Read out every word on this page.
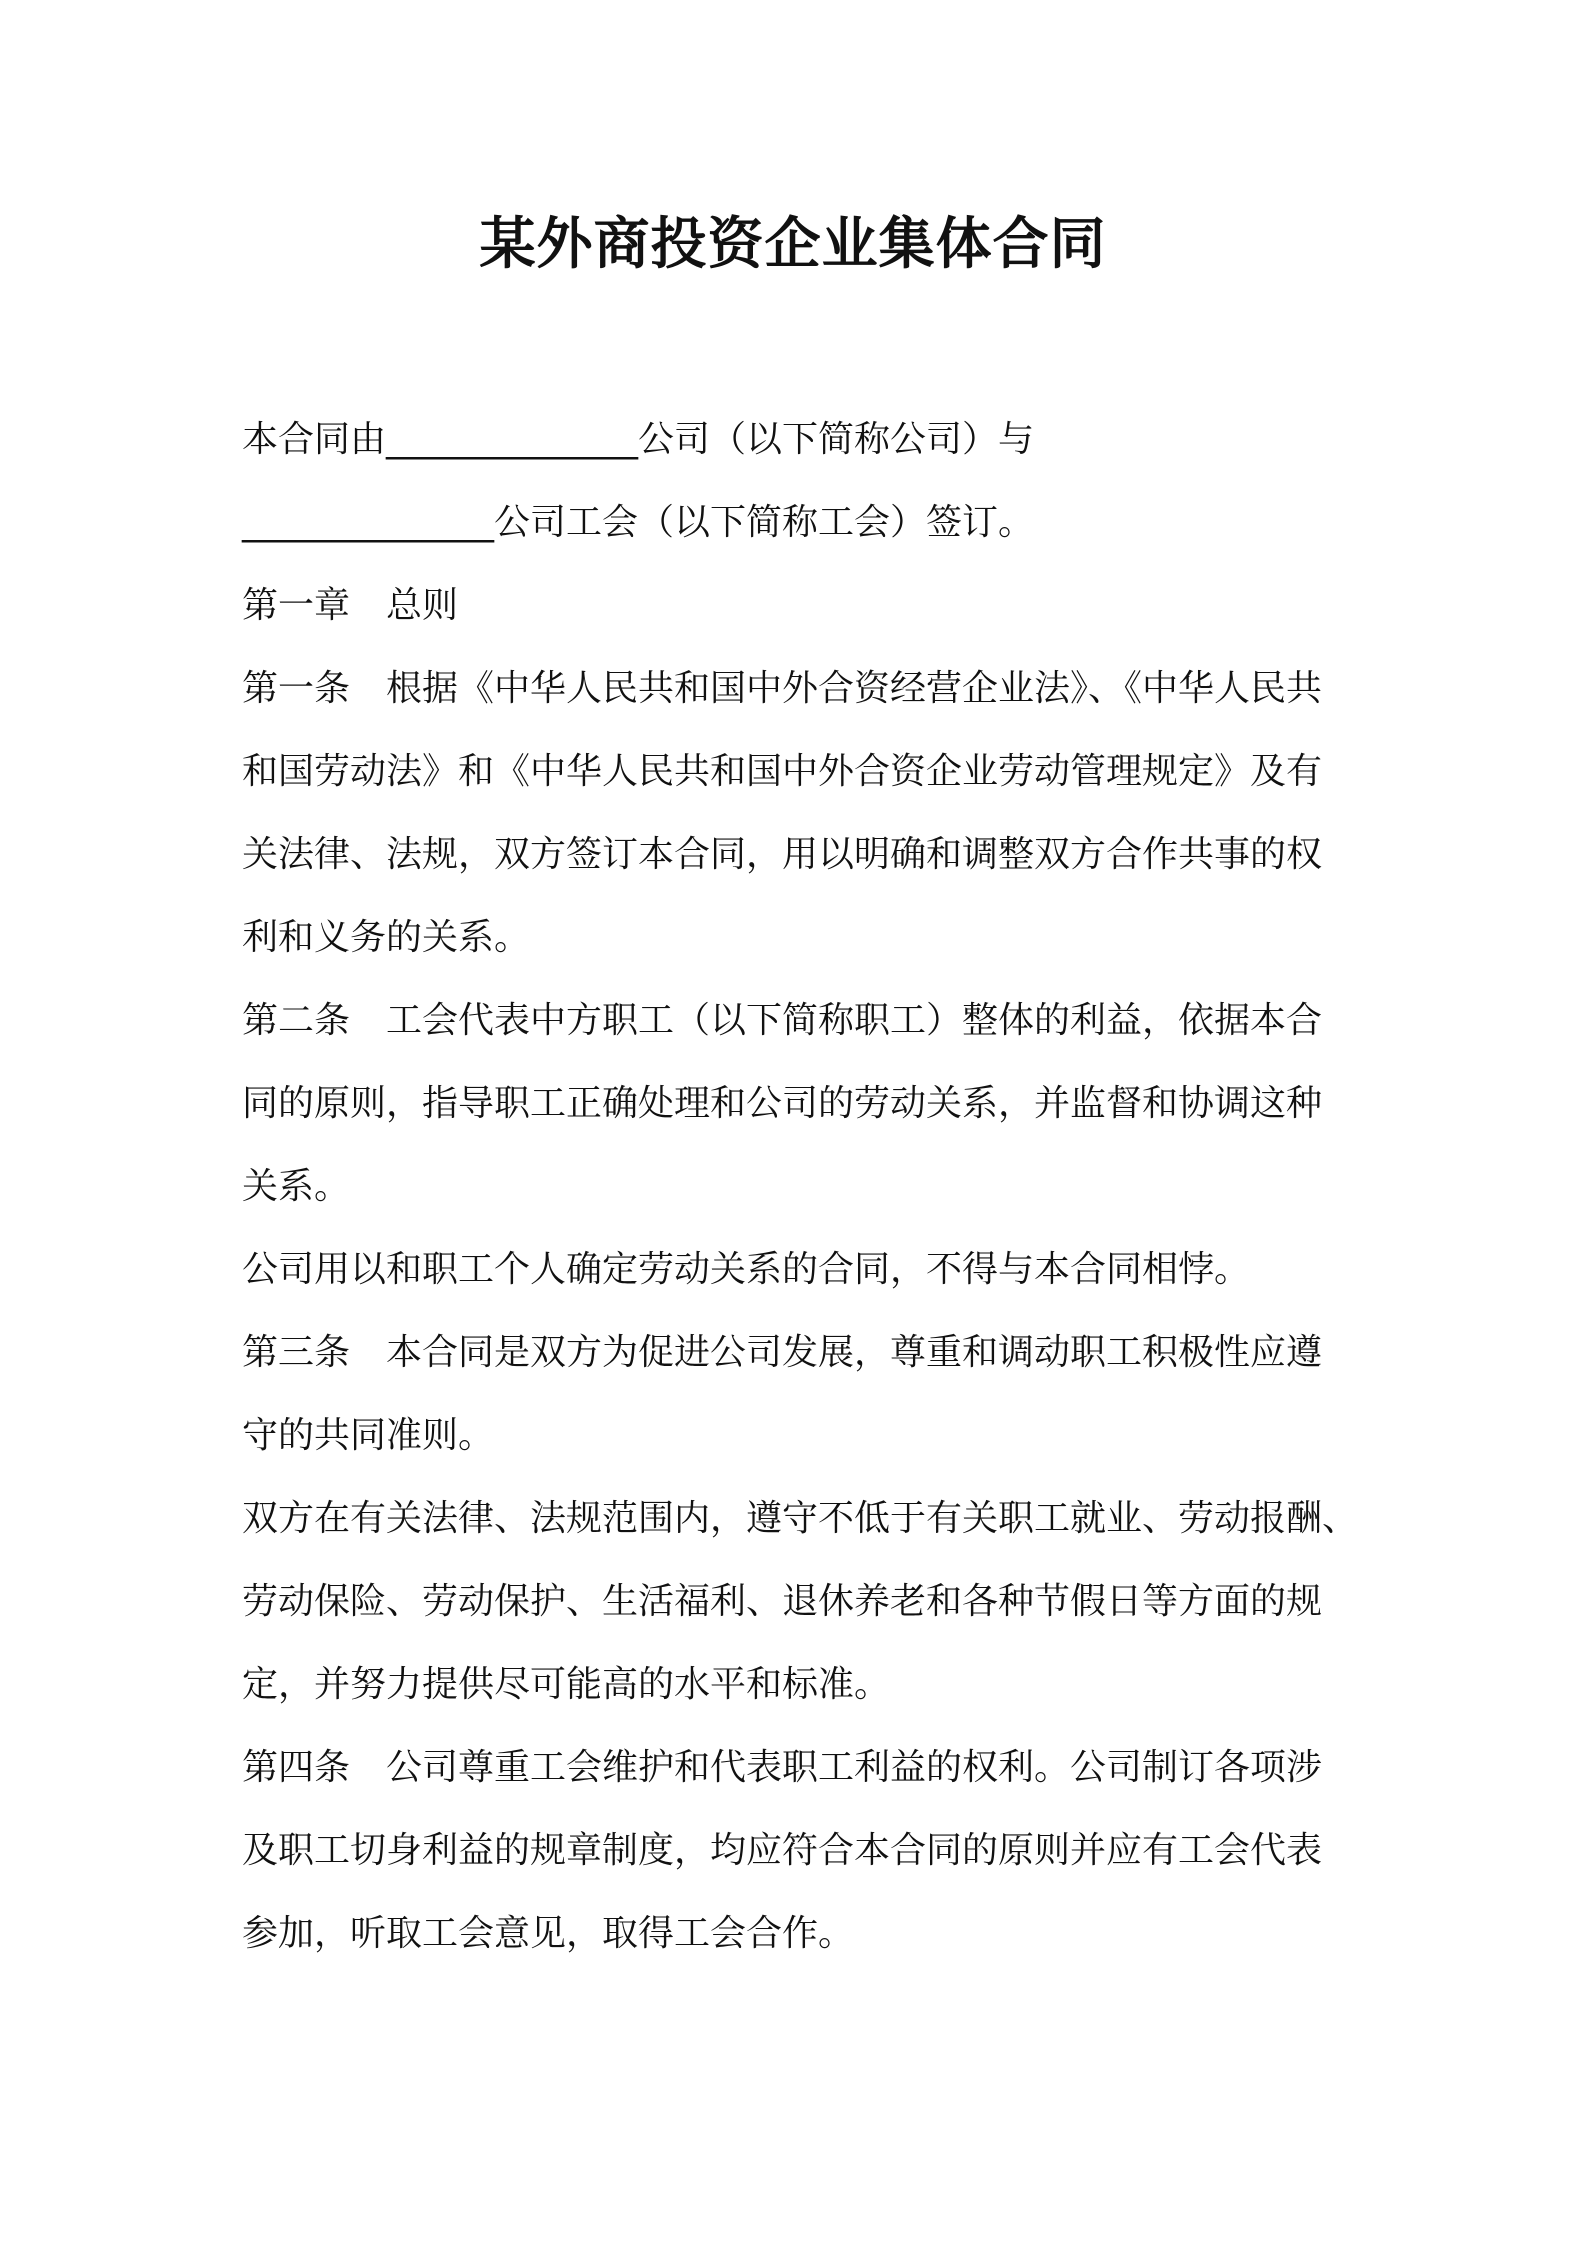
某外商投资企业集体合同
本合同由______________公司（以下简称公司）与
______________公司工会（以下简称工会）签订。
第一章　总则
第一条　根据《中华人民共和国中外合资经营企业法》、《中华人民共
和国劳动法》和《中华人民共和国中外合资企业劳动管理规定》及有
关法律、法规，双方签订本合同，用以明确和调整双方合作共事的权
利和义务的关系。
第二条　工会代表中方职工（以下简称职工）整体的利益，依据本合
同的原则，指导职工正确处理和公司的劳动关系，并监督和协调这种
关系。
公司用以和职工个人确定劳动关系的合同，不得与本合同相悖。
第三条　本合同是双方为促进公司发展，尊重和调动职工积极性应遵
守的共同准则。
双方在有关法律、法规范围内，遵守不低于有关职工就业、劳动报酬、
劳动保险、劳动保护、生活福利、退休养老和各种节假日等方面的规
定，并努力提供尽可能高的水平和标准。
第四条　公司尊重工会维护和代表职工利益的权利。公司制订各项涉
及职工切身利益的规章制度，均应符合本合同的原则并应有工会代表
参加，听取工会意见，取得工会合作。
